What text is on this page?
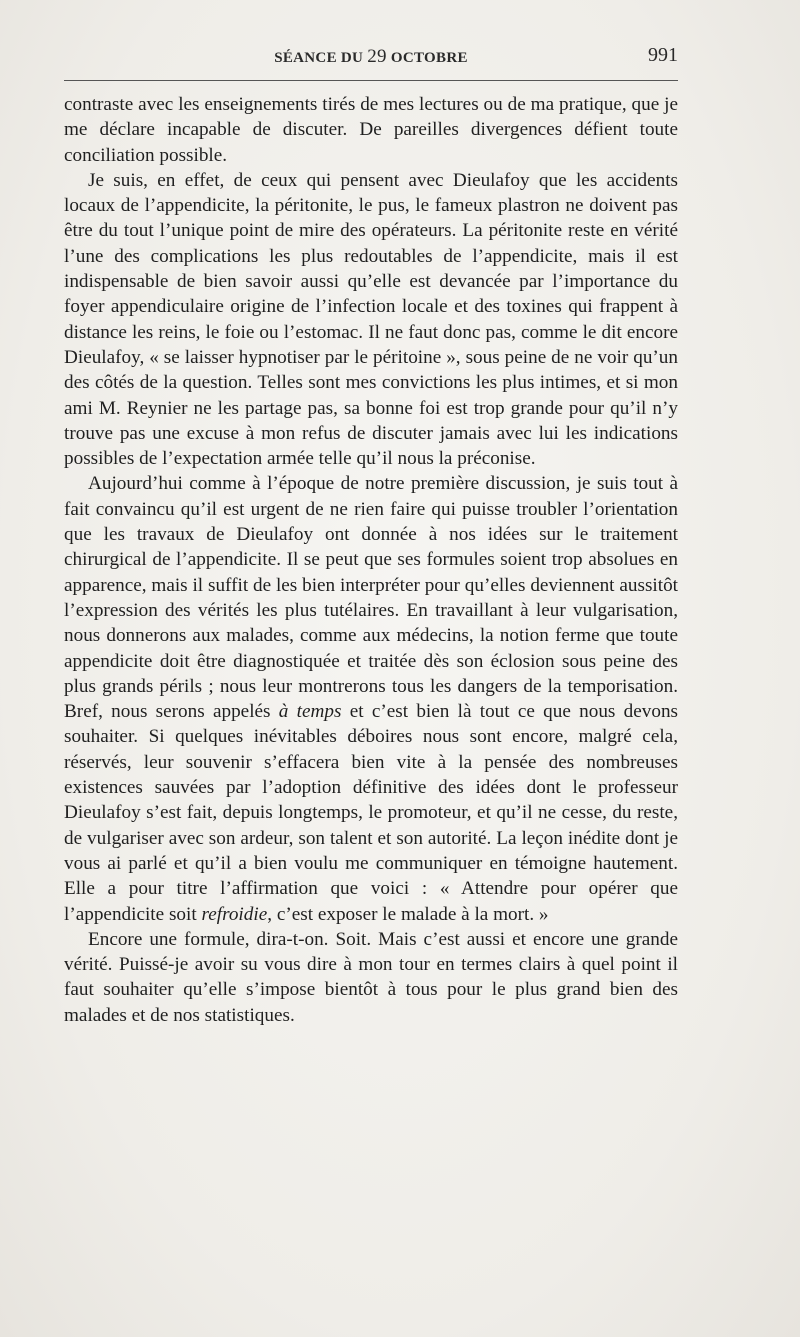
SÉANCE DU 29 OCTOBRE	991

contraste avec les enseignements tirés de mes lectures ou de ma pratique, que je me déclare incapable de discuter. De pareilles divergences défient toute conciliation possible.

Je suis, en effet, de ceux qui pensent avec Dieulafoy que les accidents locaux de l’appendicite, la péritonite, le pus, le fameux plastron ne doivent pas être du tout l’unique point de mire des opérateurs. La péritonite reste en vérité l’une des complications les plus redoutables de l’appendicite, mais il est indispensable de bien savoir aussi qu’elle est devancée par l’importance du foyer appendiculaire origine de l’infection locale et des toxines qui frappent à distance les reins, le foie ou l’estomac. Il ne faut donc pas, comme le dit encore Dieulafoy, « se laisser hypnotiser par le péritoine », sous peine de ne voir qu’un des côtés de la question. Telles sont mes convictions les plus intimes, et si mon ami M. Reynier ne les partage pas, sa bonne foi est trop grande pour qu’il n’y trouve pas une excuse à mon refus de discuter jamais avec lui les indications possibles de l’expectation armée telle qu’il nous la préconise.

Aujourd’hui comme à l’époque de notre première discussion, je suis tout à fait convaincu qu’il est urgent de ne rien faire qui puisse troubler l’orientation que les travaux de Dieulafoy ont donnée à nos idées sur le traitement chirurgical de l’appendicite. Il se peut que ses formules soient trop absolues en apparence, mais il suffit de les bien interpréter pour qu’elles deviennent aussitôt l’expression des vérités les plus tutélaires. En travaillant à leur vulgarisation, nous donnerons aux malades, comme aux médecins, la notion ferme que toute appendicite doit être diagnostiquée et traitée dès son éclosion sous peine des plus grands périls ; nous leur montrerons tous les dangers de la temporisation. Bref, nous serons appelés à temps et c’est bien là tout ce que nous devons souhaiter. Si quelques inévitables déboires nous sont encore, malgré cela, réservés, leur souvenir s’effacera bien vite à la pensée des nombreuses existences sauvées par l’adoption définitive des idées dont le professeur Dieulafoy s’est fait, depuis longtemps, le promoteur, et qu’il ne cesse, du reste, de vulgariser avec son ardeur, son talent et son autorité. La leçon inédite dont je vous ai parlé et qu’il a bien voulu me communiquer en témoigne hautement. Elle a pour titre l’affirmation que voici : « Attendre pour opérer que l’appendicite soit refroidie, c’est exposer le malade à la mort. »

Encore une formule, dira-t-on. Soit. Mais c’est aussi et encore une grande vérité. Puissé-je avoir su vous dire à mon tour en termes clairs à quel point il faut souhaiter qu’elle s’impose bientôt à tous pour le plus grand bien des malades et de nos statistiques.
